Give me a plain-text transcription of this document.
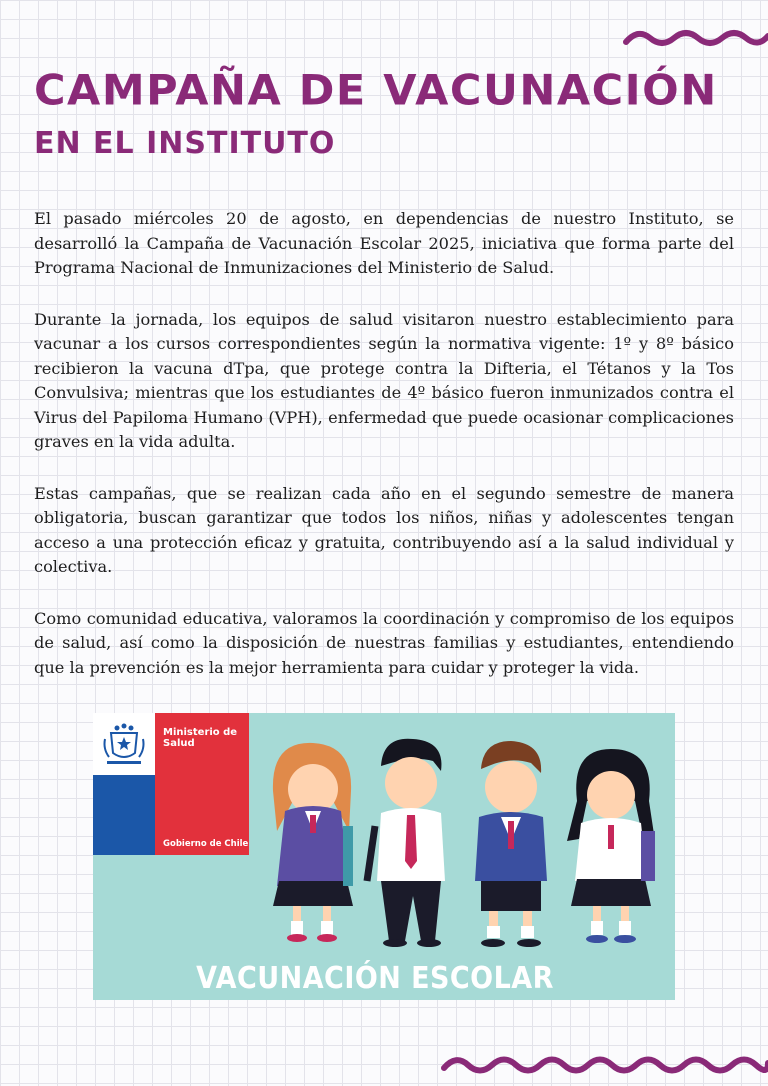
CAMPAÑA DE VACUNACIÓN
EN EL INSTITUTO

El pasado miércoles 20 de agosto, en dependencias de nuestro Instituto, se desarrolló la Campaña de Vacunación Escolar 2025, iniciativa que forma parte del Programa Nacional de Inmunizaciones del Ministerio de Salud.

Durante la jornada, los equipos de salud visitaron nuestro establecimiento para vacunar a los cursos correspondientes según la normativa vigente: 1º y 8º básico recibieron la vacuna dTpa, que protege contra la Difteria, el Tétanos y la Tos Convulsiva; mientras que los estudiantes de 4º básico fueron inmunizados contra el Virus del Papiloma Humano (VPH), enfermedad que puede ocasionar complicaciones graves en la vida adulta.

Estas campañas, que se realizan cada año en el segundo semestre de manera obligatoria, buscan garantizar que todos los niños, niñas y adolescentes tengan acceso a una protección eficaz y gratuita, contribuyendo así a la salud individual y colectiva.

Como comunidad educativa, valoramos la coordinación y compromiso de los equipos de salud, así como la disposición de nuestras familias y estudiantes, entendiendo que la prevención es la mejor herramienta para cuidar y proteger la vida.

Ministerio de
Salud
Gobierno de Chile
VACUNACIÓN ESCOLAR
